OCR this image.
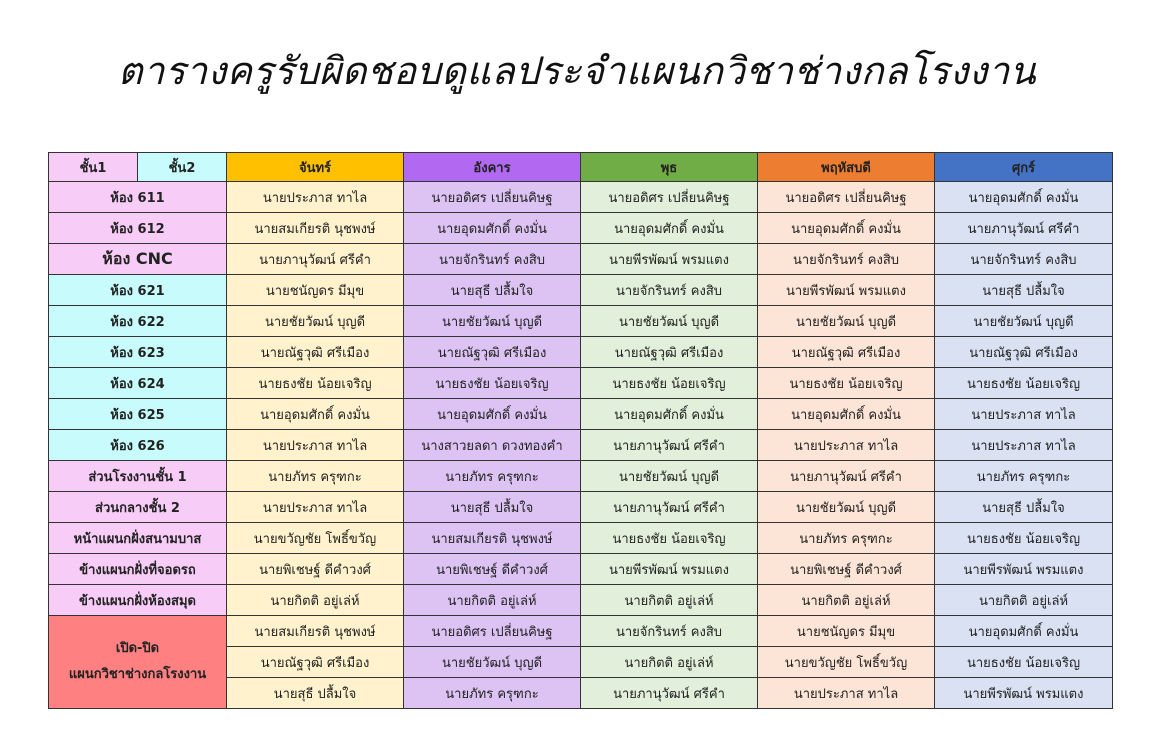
ตารางครูรับผิดชอบดูแลประจำแผนกวิชาช่างกลโรงงาน
ชั้น1	ชั้น2	จันทร์	อังคาร	พุธ	พฤหัสบดี	ศุกร์
ห้อง 611		นายประภาส ทาไล	นายอดิศร เปลี่ยนคิษฐ	นายอดิศร เปลี่ยนคิษฐ	นายอดิศร เปลี่ยนคิษฐ	นายอุดมศักดิ์ คงมั่น
ห้อง 612		นายสมเกียรติ นุชพงษ์	นายอุดมศักดิ์ คงมั่น	นายอุดมศักดิ์ คงมั่น	นายอุดมศักดิ์ คงมั่น	นายภานุวัฒน์ ศรีคำ
ห้อง CNC		นายภานุวัฒน์ ศรีคำ	นายจักรินทร์ คงสิบ	นายพีรพัฒน์ พรมแตง	นายจักรินทร์ คงสิบ	นายจักรินทร์ คงสิบ
ห้อง 621		นายชนัญดร มีมุข	นายสุธี ปลื้มใจ	นายจักรินทร์ คงสิบ	นายพีรพัฒน์ พรมแตง	นายสุธี ปลื้มใจ
ห้อง 622		นายชัยวัฒน์ บุญดี	นายชัยวัฒน์ บุญดี	นายชัยวัฒน์ บุญดี	นายชัยวัฒน์ บุญดี	นายชัยวัฒน์ บุญดี
ห้อง 623		นายณัฐวุฒิ ศรีเมือง	นายณัฐวุฒิ ศรีเมือง	นายณัฐวุฒิ ศรีเมือง	นายณัฐวุฒิ ศรีเมือง	นายณัฐวุฒิ ศรีเมือง
ห้อง 624		นายธงชัย น้อยเจริญ	นายธงชัย น้อยเจริญ	นายธงชัย น้อยเจริญ	นายธงชัย น้อยเจริญ	นายธงชัย น้อยเจริญ
ห้อง 625		นายอุดมศักดิ์ คงมั่น	นายอุดมศักดิ์ คงมั่น	นายอุดมศักดิ์ คงมั่น	นายอุดมศักดิ์ คงมั่น	นายประภาส ทาไล
ห้อง 626		นายประภาส ทาไล	นางสาวยลดา ดวงทองคำ	นายภานุวัฒน์ ศรีคำ	นายประภาส ทาไล	นายประภาส ทาไล
ส่วนโรงงานชั้น 1		นายภัทร ครุฑกะ	นายภัทร ครุฑกะ	นายชัยวัฒน์ บุญดี	นายภานุวัฒน์ ศรีคำ	นายภัทร ครุฑกะ
ส่วนกลางชั้น 2		นายประภาส ทาไล	นายสุธี ปลื้มใจ	นายภานุวัฒน์ ศรีคำ	นายชัยวัฒน์ บุญดี	นายสุธี ปลื้มใจ
หน้าแผนกฝั่งสนามบาส		นายขวัญชัย โพธิ์ขวัญ	นายสมเกียรติ นุชพงษ์	นายธงชัย น้อยเจริญ	นายภัทร ครุฑกะ	นายธงชัย น้อยเจริญ
ข้างแผนกฝั่งที่จอดรถ		นายพิเชษฐ์ ดีคำวงศ์	นายพิเชษฐ์ ดีคำวงศ์	นายพีรพัฒน์ พรมแตง	นายพิเชษฐ์ ดีคำวงศ์	นายพีรพัฒน์ พรมแตง
ข้างแผนกฝั่งห้องสมุด		นายกิตติ อยู่เล่ห์	นายกิตติ อยู่เล่ห์	นายกิตติ อยู่เล่ห์	นายกิตติ อยู่เล่ห์	นายกิตติ อยู่เล่ห์

เปิด-ปิด
แผนกวิชาช่างกลโรงงาน		นายสมเกียรติ นุชพงษ์	นายอดิศร เปลี่ยนคิษฐ	นายจักรินทร์ คงสิบ	นายชนัญดร มีมุข	นายอุดมศักดิ์ คงมั่น
		นายณัฐวุฒิ ศรีเมือง	นายชัยวัฒน์ บุญดี	นายกิตติ อยู่เล่ห์	นายขวัญชัย โพธิ์ขวัญ	นายธงชัย น้อยเจริญ
		นายสุธี ปลื้มใจ	นายภัทร ครุฑกะ	นายภานุวัฒน์ ศรีคำ	นายประภาส ทาไล	นายพีรพัฒน์ พรมแตง
